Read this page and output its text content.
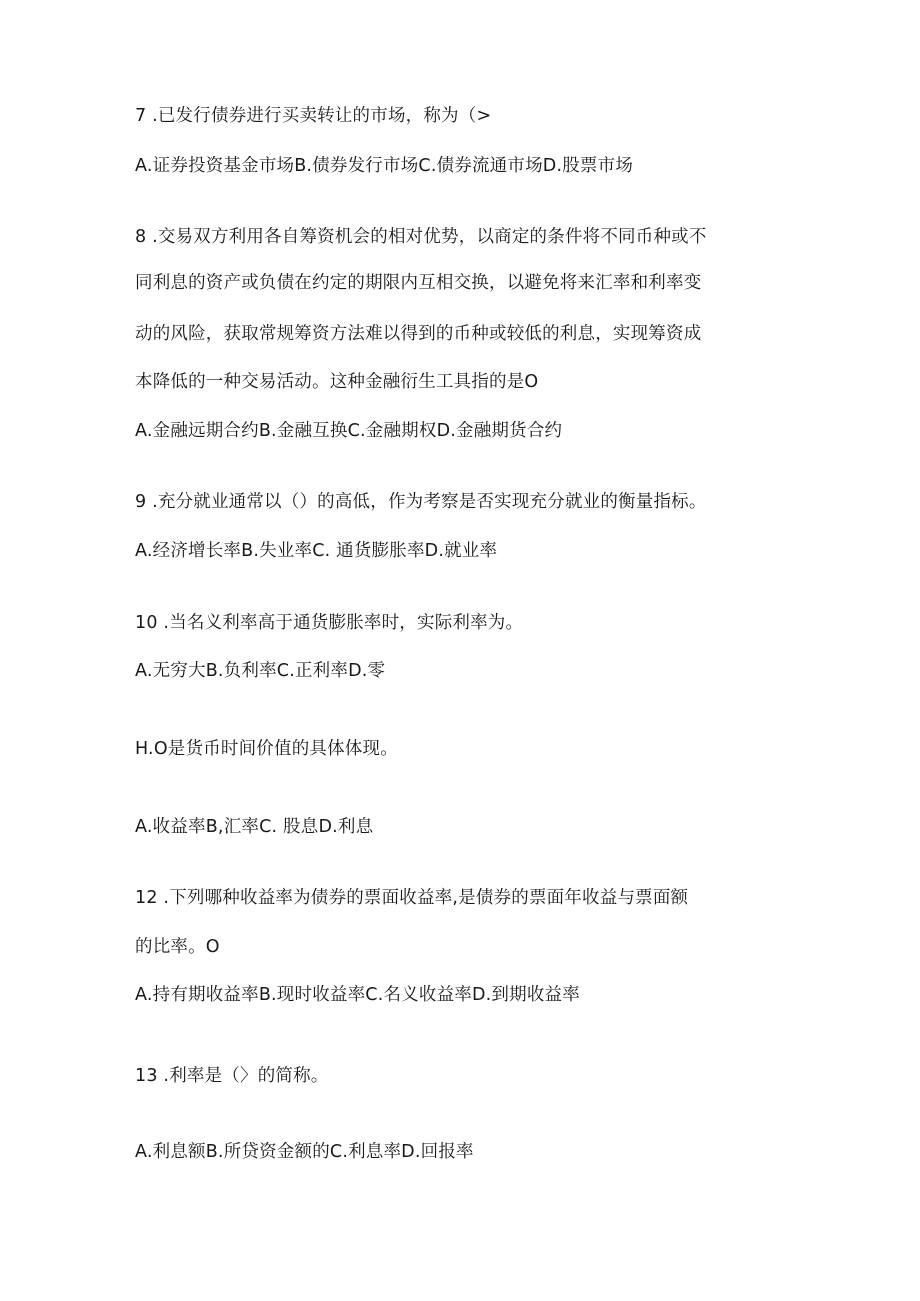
7 .已发行债券进行买卖转让的市场，称为（>
A.证券投资基金市场B.债券发行市场C.债券流通市场D.股票市场
8 .交易双方利用各自筹资机会的相对优势，以商定的条件将不同币种或不
同利息的资产或负债在约定的期限内互相交换，以避免将来汇率和利率变
动的风险，获取常规筹资方法难以得到的币种或较低的利息，实现筹资成
本降低的一种交易活动。这种金融衍生工具指的是O
A.金融远期合约B.金融互换C.金融期权D.金融期货合约
9 .充分就业通常以（）的高低，作为考察是否实现充分就业的衡量指标。
A.经济增长率B.失业率C. 通货膨胀率D.就业率
10 .当名义利率高于通货膨胀率时，实际利率为。
A.无穷大B.负利率C.正利率D.零
H.O是货币时间价值的具体体现。
A.收益率B,汇率C. 股息D.利息
12 .下列哪种收益率为债券的票面收益率,是债券的票面年收益与票面额
的比率。O
A.持有期收益率B.现时收益率C.名义收益率D.到期收益率
13 .利率是（〉的简称。
A.利息额B.所贷资金额的C.利息率D.回报率
